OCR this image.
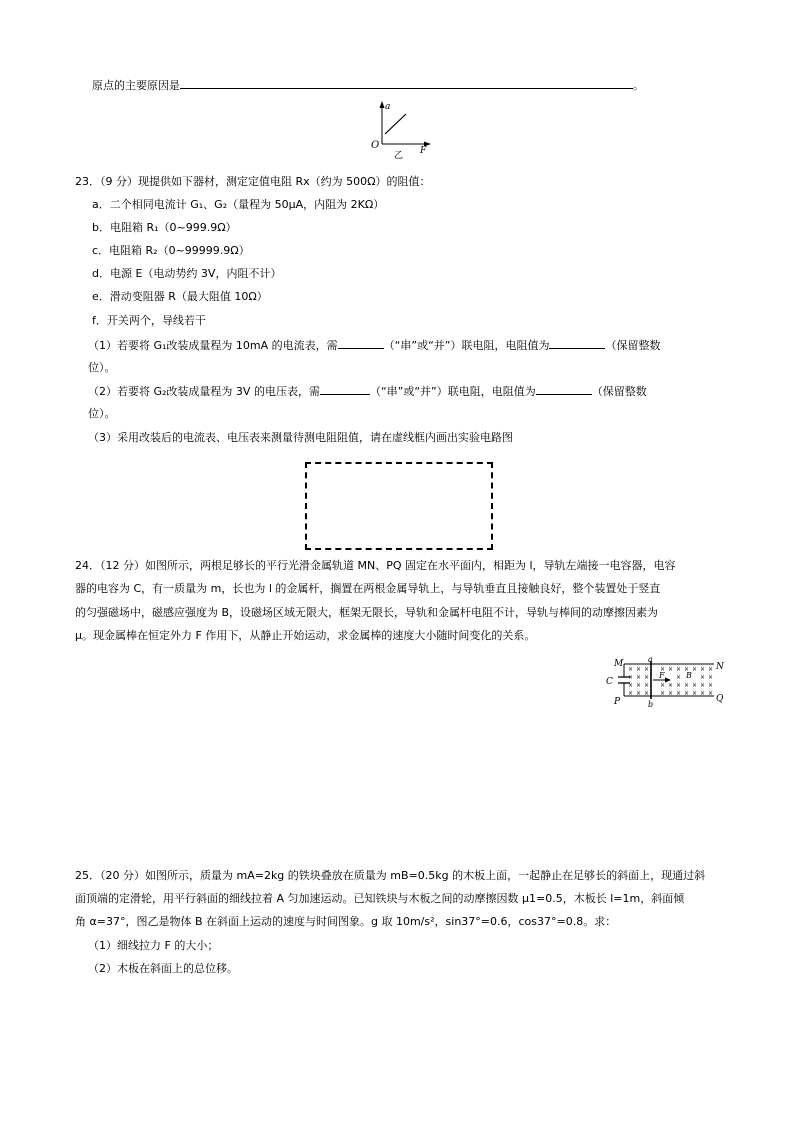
原点的主要原因是	。
a
O	F
乙
23．（9 分）现提供如下器材，测定定值电阻 Rx（约为 500Ω）的阻值：
a．二个相同电流计 G₁、G₂（量程为 50μA，内阻为 2KΩ）
b．电阻箱 R₁（0~999.9Ω）
c．电阻箱 R₂（0~99999.9Ω）
d．电源 E（电动势约 3V，内阻不计）
e．滑动变阻器 R（最大阻值 10Ω）
f．开关两个，导线若干
（1）若要将 G₁改装成量程为 10mA 的电流表，需	（“串”或“并”）联电阻，电阻值为	（保留整数
位）。
（2）若要将 G₂改装成量程为 3V 的电压表，需	（“串”或“并”）联电阻，电阻值为	（保留整数
位）。
（3）采用改装后的电流表、电压表来测量待测电阻阻值，请在虚线框内画出实验电路图
24．（12 分）如图所示，两根足够长的平行光滑金属轨道 MN、PQ 固定在水平面内，相距为 l，导轨左端接一电容器，电容
器的电容为 C，有一质量为 m，长也为 l 的金属杆，搁置在两根金属导轨上，与导轨垂直且接触良好，整个装置处于竖直
的匀强磁场中，磁感应强度为 B，设磁场区域无限大，框架无限长，导轨和金属杆电阻不计，导轨与棒间的动摩擦因素为
μ。现金属棒在恒定外力 F 作用下，从静止开始运动，求金属棒的速度大小随时间变化的关系。
M	N
P	Q
C
a
b
F	B
× × × × × × × × × ×
× × ×	×	× ×
× × × × × × × × × ×
× × × × × × × × × ×
25．（20 分）如图所示，质量为 mA=2kg 的铁块叠放在质量为 mB=0.5kg 的木板上面，一起静止在足够长的斜面上，现通过斜
面顶端的定滑轮，用平行斜面的细线拉着 A 匀加速运动。已知铁块与木板之间的动摩擦因数 μ1=0.5，木板长 l=1m，斜面倾
角 α=37°，图乙是物体 B 在斜面上运动的速度与时间图象。g 取 10m/s²，sin37°=0.6，cos37°=0.8。求：
（1）细线拉力 F 的大小；
（2）木板在斜面上的总位移。
